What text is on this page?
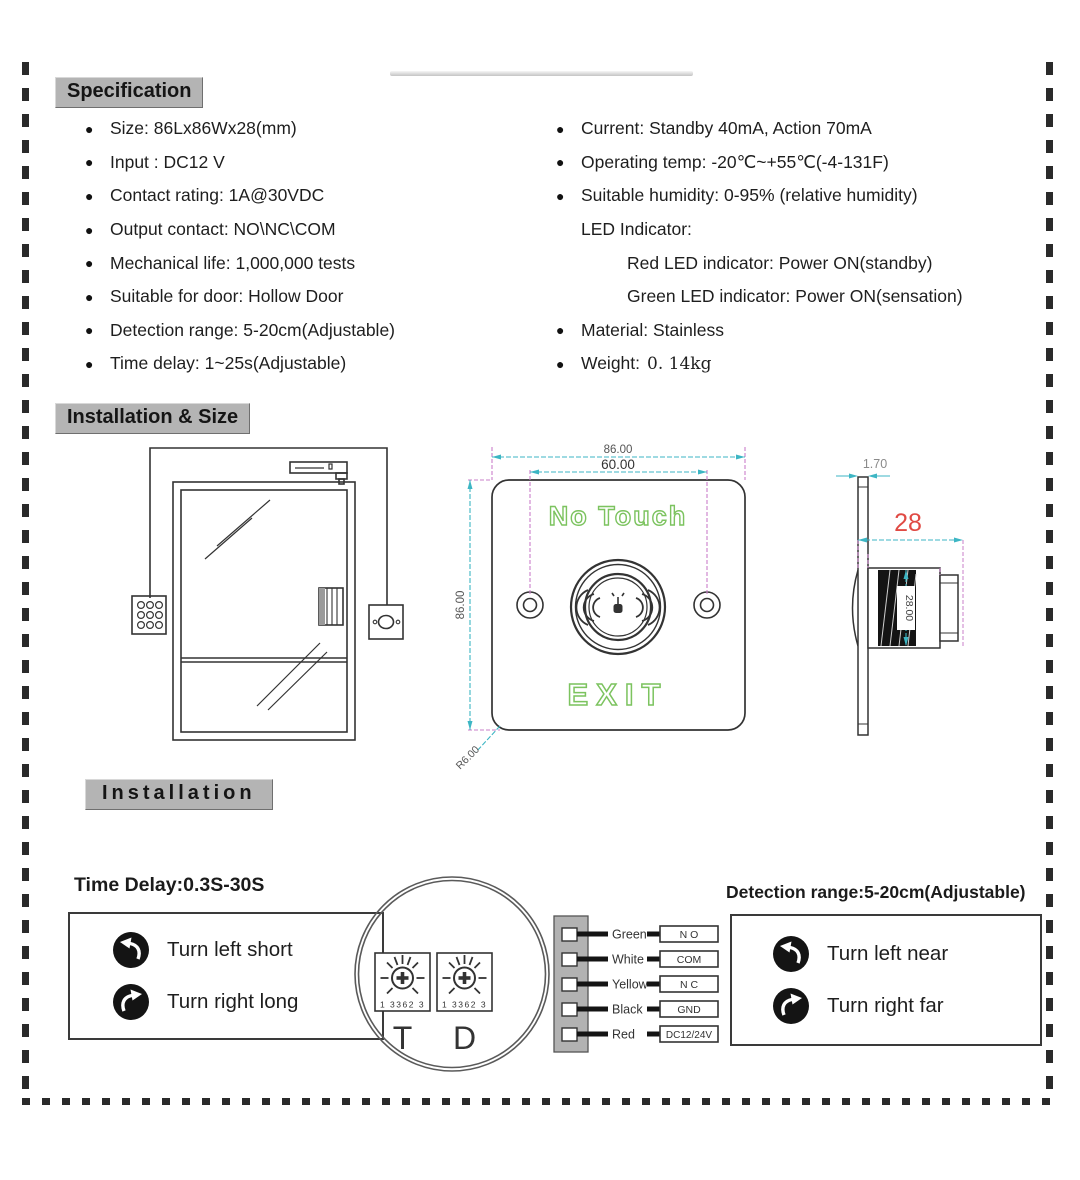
Specification
● Size: 86Lx86Wx28(mm)
● Input : DC12 V
● Contact rating: 1A@30VDC
● Output contact: NO\NC\COM
● Mechanical life: 1,000,000 tests
● Suitable for door: Hollow Door
● Detection range: 5-20cm(Adjustable)
● Time delay: 1~25s(Adjustable)
● Current: Standby 40mA, Action 70mA
● Operating temp: -20℃~+55℃(-4-131F)
● Suitable humidity: 0-95% (relative humidity)
LED Indicator:
Red LED indicator: Power ON(standby)
Green LED indicator: Power ON(sensation)
● Material: Stainless
● Weight: 0. 14kg
Installation & Size
No Touch
EXIT
86.00
60.00
86.00
R6.00
28.00
1.70
28
Installation
Time Delay:0.3S-30S
Turn left short
Turn right long	1 3362 3 1 3362 3
T D
Green	N O
White	COM
Yellow	N C
Black	GND
Red	DC12/24V
Detection range:5-20cm(Adjustable)
Turn left near
Turn right far
